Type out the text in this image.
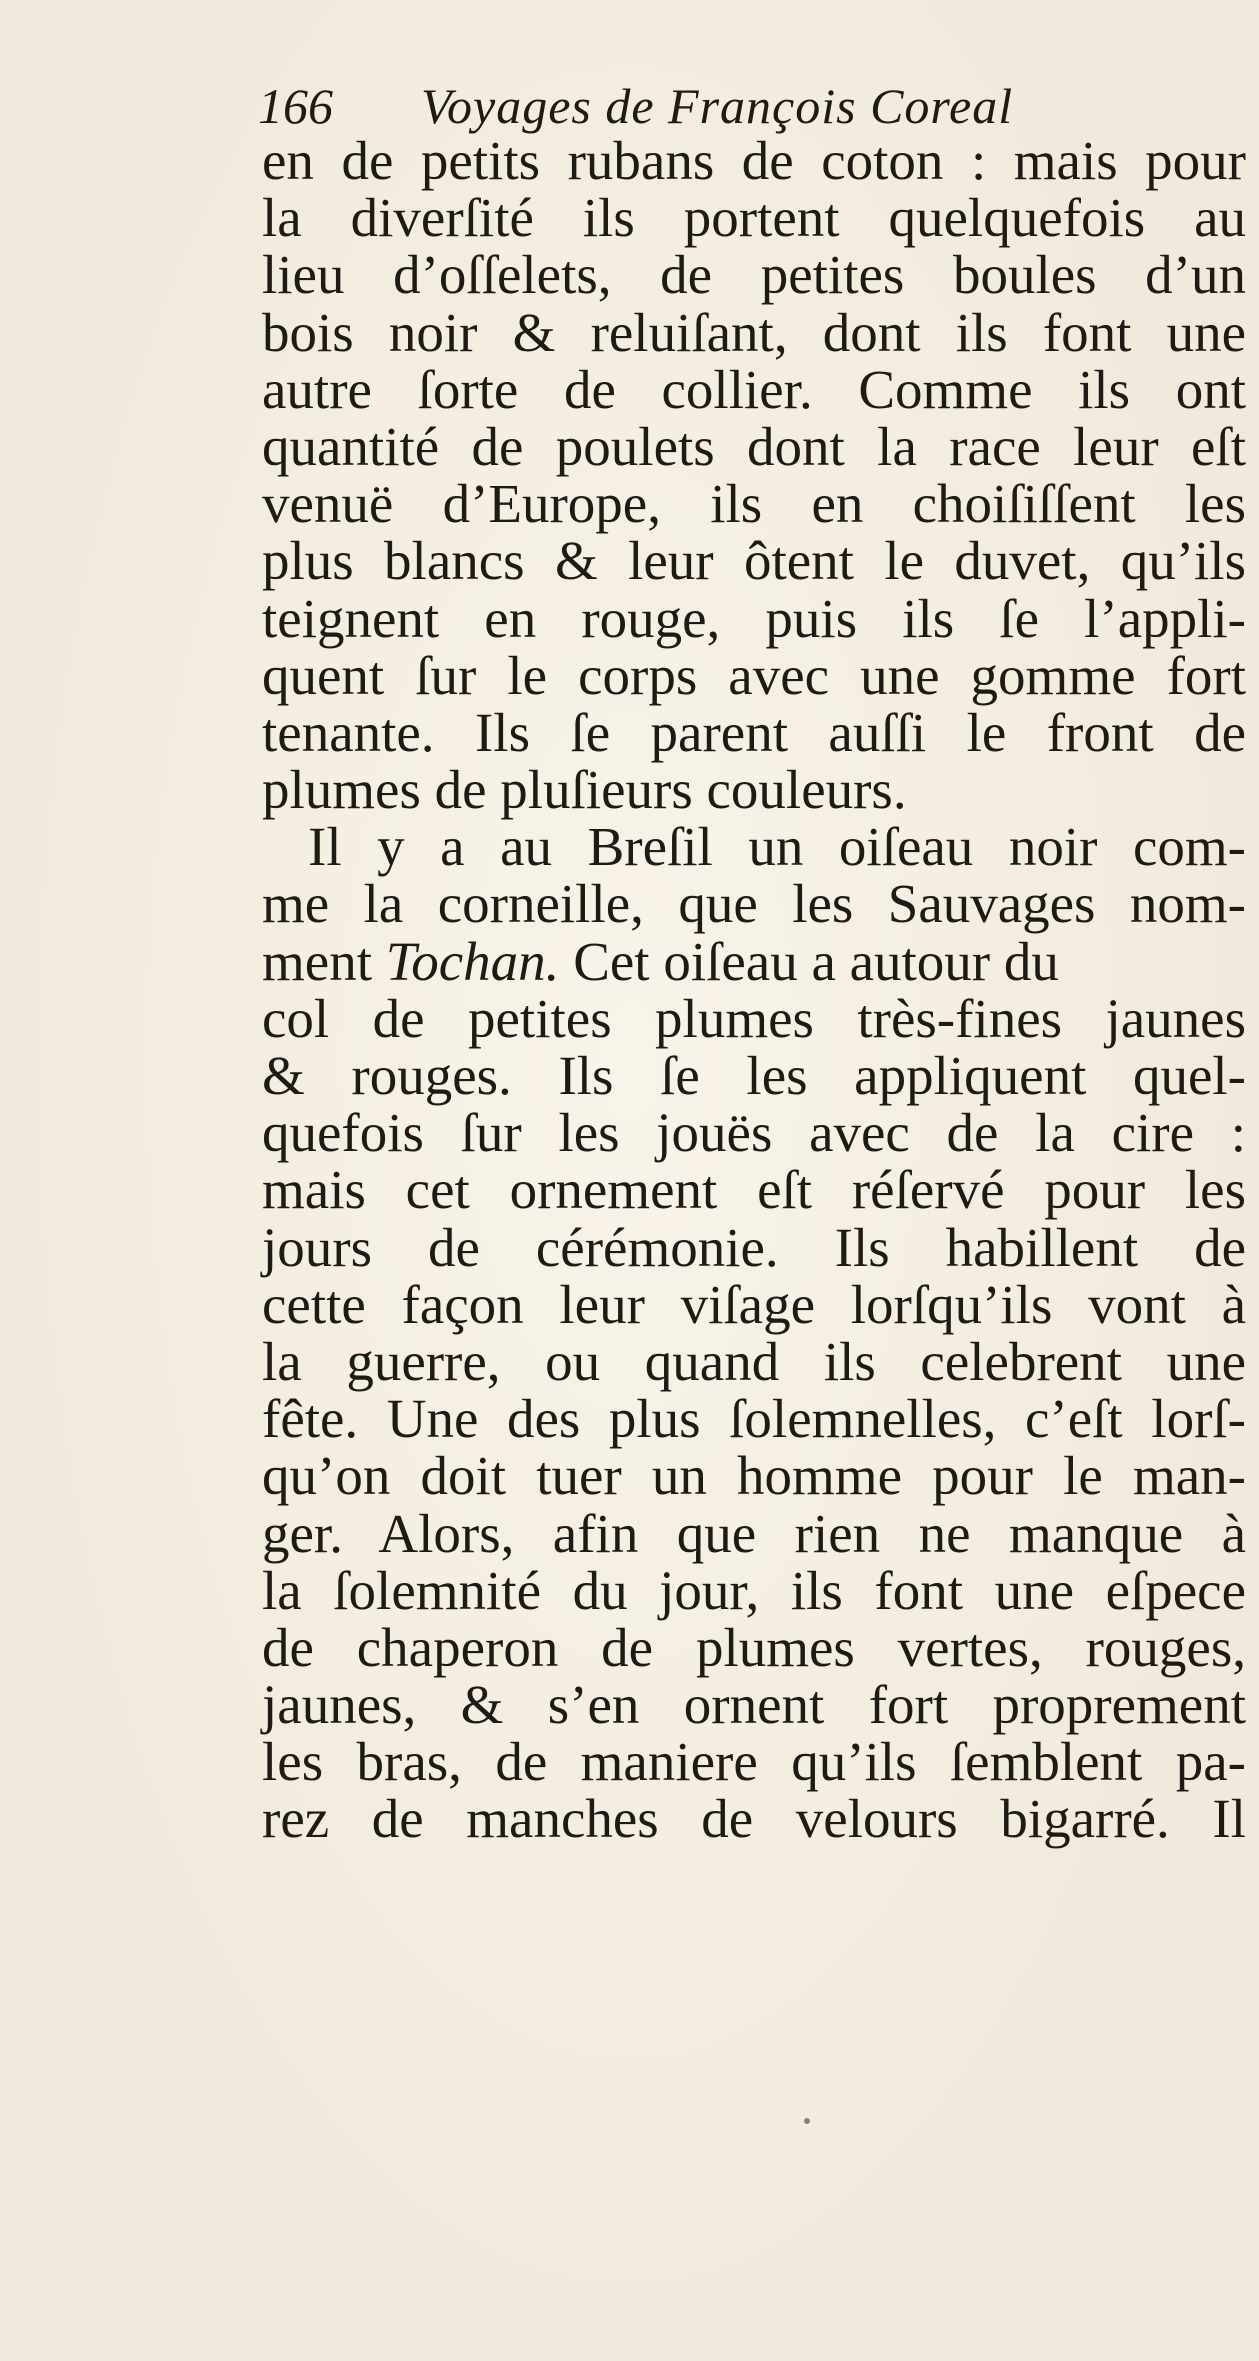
166 Voyages de François Coreal
en de petits rubans de coton : mais pour
la diverſité ils portent quelquefois au
lieu d’oſſelets, de petites boules d’un
bois noir & reluiſant, dont ils font une
autre ſorte de collier. Comme ils ont
quantité de poulets dont la race leur eſt
venuë d’Europe, ils en choiſiſſent les
plus blancs & leur ôtent le duvet, qu’ils
teignent en rouge, puis ils ſe l’appli-
quent ſur le corps avec une gomme fort
tenante. Ils ſe parent auſſi le front de
plumes de pluſieurs couleurs.
Il y a au Breſil un oiſeau noir com-
me la corneille, que les Sauvages nom-
ment Tochan. Cet oiſeau a autour du
col de petites plumes très-fines jaunes
& rouges. Ils ſe les appliquent quel-
quefois ſur les jouës avec de la cire :
mais cet ornement eſt réſervé pour les
jours de cérémonie. Ils habillent de
cette façon leur viſage lorſqu’ils vont à
la guerre, ou quand ils celebrent une
fête. Une des plus ſolemnelles, c’eſt lorſ-
qu’on doit tuer un homme pour le man-
ger. Alors, afin que rien ne manque à
la ſolemnité du jour, ils font une eſpece
de chaperon de plumes vertes, rouges,
jaunes, & s’en ornent fort proprement
les bras, de maniere qu’ils ſemblent pa-
rez de manches de velours bigarré. Il
